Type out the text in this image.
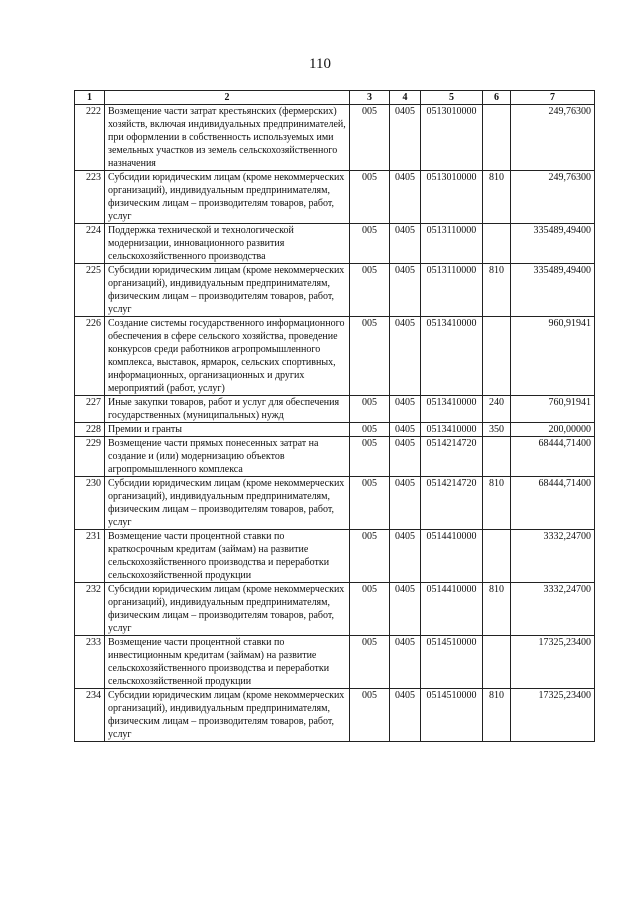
110
1	2	3	4	5	6	7
222	Возмещение части затрат крестьянских (фермерских) хозяйств, включая индивидуальных предпринимателей, при оформлении в собственность используемых ими земельных участков из земель сельскохозяйственного назначения	005	0405	0513010000		249,76300
223	Субсидии юридическим лицам (кроме некоммерческих организаций), индивидуальным предпринимателям, физическим лицам – производителям товаров, работ, услуг	005	0405	0513010000	810	249,76300
224	Поддержка технической и технологической модернизации, инновационного развития сельскохозяйственного производства	005	0405	0513110000		335489,49400
225	Субсидии юридическим лицам (кроме некоммерческих организаций), индивидуальным предпринимателям, физическим лицам – производителям товаров, работ, услуг	005	0405	0513110000	810	335489,49400
226	Создание системы государственного информационного обеспечения в сфере сельского хозяйства, проведение конкурсов среди работников агропромышленного комплекса, выставок, ярмарок, сельских спортивных, информационных, организационных и других мероприятий (работ, услуг)	005	0405	0513410000		960,91941
227	Иные закупки товаров, работ и услуг для обеспечения государственных (муниципальных) нужд	005	0405	0513410000	240	760,91941
228	Премии и гранты	005	0405	0513410000	350	200,00000
229	Возмещение части прямых понесенных затрат на создание и (или) модернизацию объектов агропромышленного комплекса	005	0405	0514214720		68444,71400
230	Субсидии юридическим лицам (кроме некоммерческих организаций), индивидуальным предпринимателям, физическим лицам – производителям товаров, работ, услуг	005	0405	0514214720	810	68444,71400
231	Возмещение части процентной ставки по краткосрочным кредитам (займам) на развитие сельскохозяйственного производства и переработки сельскохозяйственной продукции	005	0405	0514410000		3332,24700
232	Субсидии юридическим лицам (кроме некоммерческих организаций), индивидуальным предпринимателям, физическим лицам – производителям товаров, работ, услуг	005	0405	0514410000	810	3332,24700
233	Возмещение части процентной ставки по инвестиционным кредитам (займам) на развитие сельскохозяйственного производства и переработки сельскохозяйственной продукции	005	0405	0514510000		17325,23400
234	Субсидии юридическим лицам (кроме некоммерческих организаций), индивидуальным предпринимателям, физическим лицам – производителям товаров, работ, услуг	005	0405	0514510000	810	17325,23400
